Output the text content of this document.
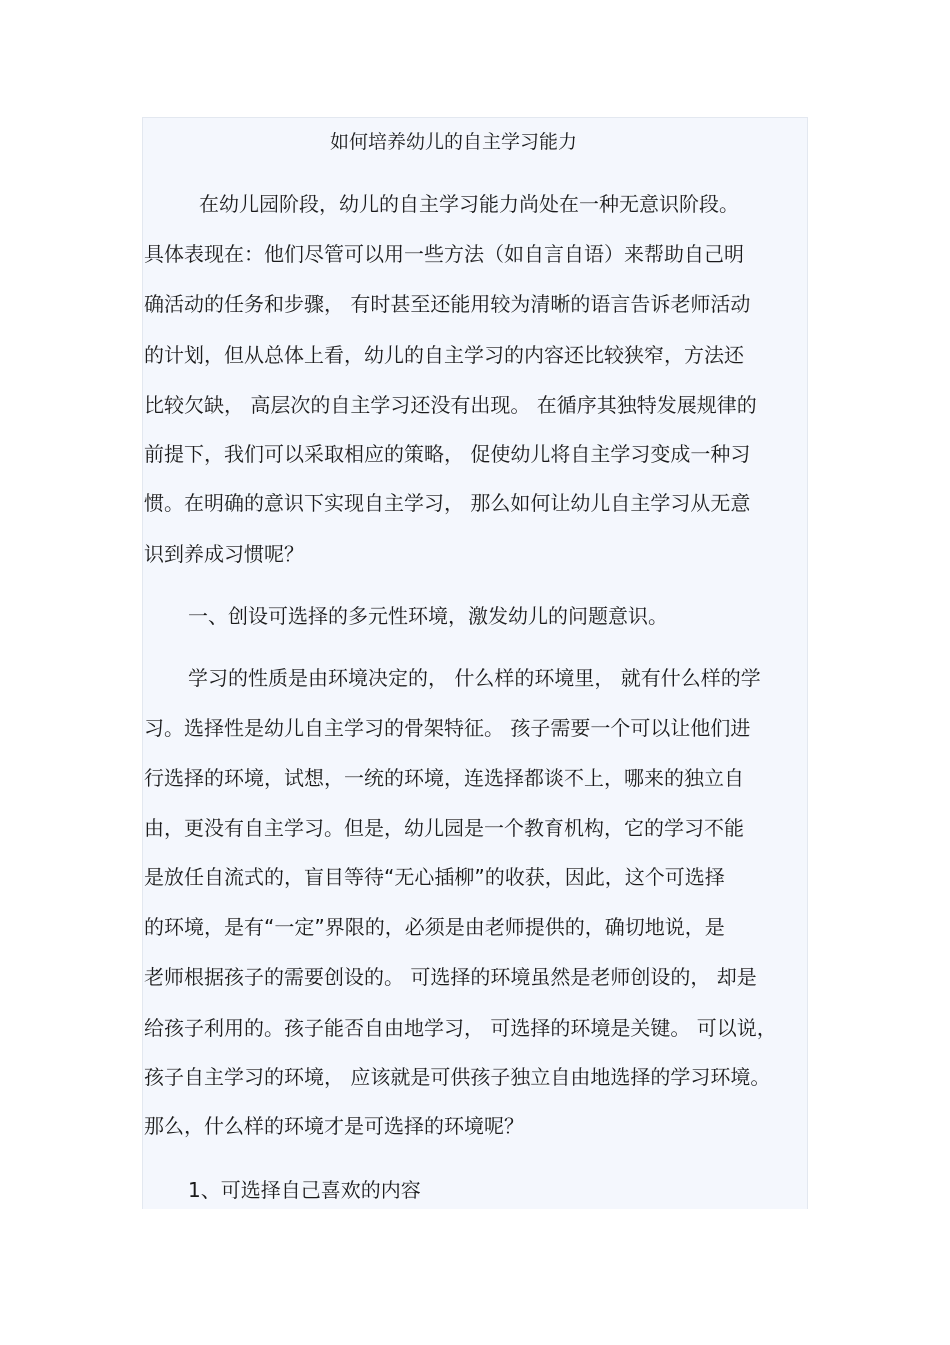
如何培养幼儿的自主学习能力
在幼儿园阶段，幼儿的自主学习能力尚处在一种无意识阶段。
具体表现在：他们尽管可以用一些方法（如自言自语）来帮助自己明
确活动的任务和步骤， 有时甚至还能用较为清晰的语言告诉老师活动
的计划，但从总体上看，幼儿的自主学习的内容还比较狭窄，方法还
比较欠缺， 高层次的自主学习还没有出现。 在循序其独特发展规律的
前提下，我们可以采取相应的策略， 促使幼儿将自主学习变成一种习
惯。在明确的意识下实现自主学习， 那么如何让幼儿自主学习从无意
识到养成习惯呢？
一、创设可选择的多元性环境，激发幼儿的问题意识。
学习的性质是由环境决定的， 什么样的环境里， 就有什么样的学
习。选择性是幼儿自主学习的骨架特征。 孩子需要一个可以让他们进
行选择的环境，试想，一统的环境，连选择都谈不上，哪来的独立自
由，更没有自主学习。但是，幼儿园是一个教育机构，它的学习不能
是放任自流式的，盲目等待“无心插柳”的收获，因此，这个可选择
的环境，是有“一定”界限的，必须是由老师提供的，确切地说，是
老师根据孩子的需要创设的。 可选择的环境虽然是老师创设的， 却是
给孩子利用的。孩子能否自由地学习， 可选择的环境是关键。 可以说，
孩子自主学习的环境， 应该就是可供孩子独立自由地选择的学习环境。
那么，什么样的环境才是可选择的环境呢？
1、可选择自己喜欢的内容
